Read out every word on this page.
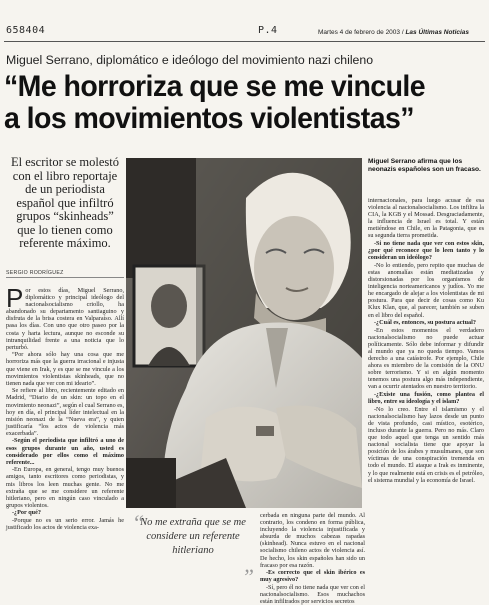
658404	P.4	Martes 4 de febrero de 2003 / Las Últimas Noticias
Miguel Serrano, diplomático e ideólogo del movimiento nazi chileno
“Me horroriza que se me vincule
a los movimientos violentistas”
El escritor se molestó con el libro reportaje de un periodista español que infiltró grupos “skinheads” que lo tienen como referente máximo.
SERGIO RODRÍGUEZ
P or estos días, Miguel Serrano, diplomático y principal ideólogo del nacionalsocialismo criollo, ha abandonado su departamento santiaguino y disfruta de la brisa costera en Valparaíso. Allí pasa los días. Con uno que otro paseo por la costa y harta lectura, aunque no esconde su intranquilidad frente a una noticia que lo perturbó.

“Por ahora sólo hay una cosa que me horroriza más que la guerra irracional e injusta que viene en Irak, y es que se me vincule a los movimientos violentistas skinheads, que no tienen nada que ver con mi ideario”.

Se refiere al libro, recientemente editado en Madrid, “Diario de un skin: un topo en el movimiento neonazi”, según el cual Serrano es, hoy en día, el principal líder intelectual en la misión neonazi de la “Nueva era”, y quien justificaría “los actos de violencia más exacerbada”.

-Según el periodista que infiltró a uno de esos grupos durante un año, usted es considerado por ellos como el máximo referente...

-En Europa, en general, tengo muy buenos amigos, tanto escritores como periodistas, y mis libros los leen muchas gente. No me extraña que se me considere un referente hitleriano, pero en ningún caso vinculado a grupos violentos.

-¿Por qué?

-Porque no es un serio error. Jamás he justificado los actos de violencia exa-

Miguel Serrano afirma que los neonazis españoles son un fracaso.
“
No me extraña que se me considere un referente hitleriano
”

cerbada en ninguna parte del mundo. Al contrario, los condeno en forma pública, incluyendo la violencia injustificada y absurda de muchos cabezas rapadas (skinhead). Nunca estuvo en el nacional socialismo chileno actos de violencia así. De hecho, los skin españoles han sido un fracaso por esa razón.

-Es correcto que el skin ibérico es muy agresivo?

-Sí, pero él no tiene nada que ver con el nacionalsocialismo. Esos muchachos están infiltrados por servicios secretos

internacionales, para luego acusar de esa violencia al nacionalsocialismo. Los infiltra la CIA, la KGB y el Mossad. Desgraciadamente, la influencia de Israel es total. Y están metiéndose en Chile, en la Patagonia, que es su segunda tierra prometida.

-Si no tiene nada que ver con estos skin, ¿por qué reconoce que lo leen tanto y lo consideran un ideólogo?

-No lo entiendo, pero repito que muchas de estas anomalías están mediatizadas y distorsionadas por los organismos de inteligencia norteamericanos y judíos. Yo me he encargado de alejar a los violentistas de mi postura. Para que decir de cosas como Ku Klux Klan, que, al parecer, también se suben en el libro del español.

-¿Cuál es, entonces, su postura actual?

-En estos momentos el verdadero nacionalsocialismo no puede actuar políticamente. Sólo debe informar y difundir al mundo que ya no queda tiempo. Vamos derecho a una catástrofe. Por ejemplo, Chile ahora es miembro de la comisión de la ONU sobre terrorismo. Y si en algún momento tenemos una postura algo más independiente, van a ocurrir atentados en nuestro territorio.

-¿Existe una fusión, como plantea el libro, entre su ideología y el islam?

-No lo creo. Entre el islamismo y el nacionalsocialismo hay lazos desde un punto de vista profundo, casi místico, esotérico, incluso durante la guerra. Pero no más. Claro que todo aquel que tenga un sentido más nacional socialista tiene que apoyar la posición de los árabes y musulmanes, que son víctimas de una conspiración tremenda en todo el mundo. El ataque a Irak es inminente, y lo que realmente está en crisis es el petróleo, el sistema mundial y la economía de Israel.
